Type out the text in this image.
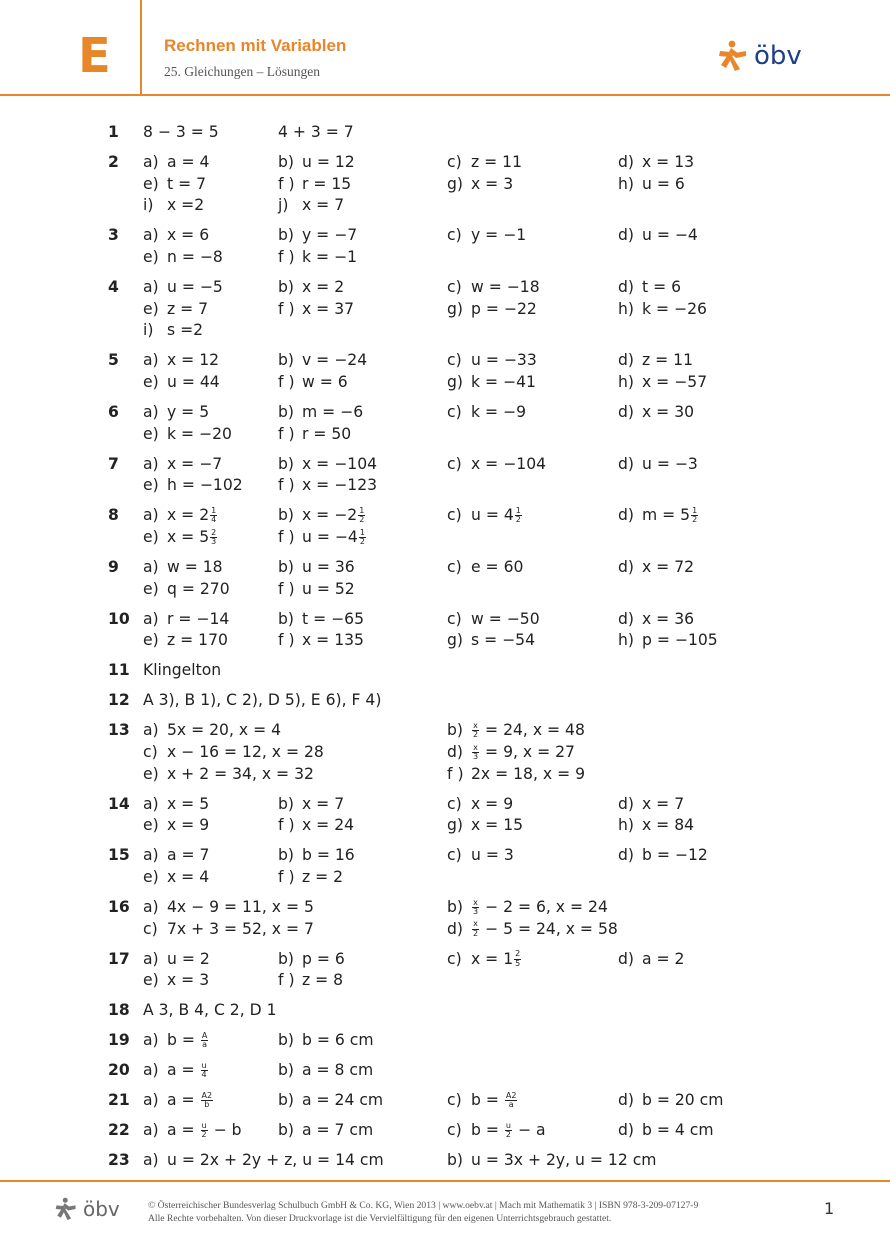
E	Rechnen mit Variablen
25. Gleichungen – Lösungen
öbv
1	8 − 3 = 5	4 + 3 = 7
2	a) a = 4	b) u = 12	c) z = 11	d) x = 13
e) t = 7	f ) r = 15	g) x = 3	h) u = 6
i) x =2	j) x = 7
3	a) x = 6	b) y = −7	c) y = −1	d) u = −4
e) n = −8	f ) k = −1
4	a) u = −5	b) x = 2	c) w = −18	d) t = 6
e) z = 7	f ) x = 37	g) p = −22	h) k = −26
i) s =2
5	a) x = 12	b) v = −24	c) u = −33	d) z = 11
e) u = 44	f ) w = 6	g) k = −41	h) x = −57
6	a) y = 5	b) m = −6	c) k = −9	d) x = 30
e) k = −20	f ) r = 50
7	a) x = −7	b) x = −104	c) x = −104	d) u = −3
e) h = −102 f ) x = −123
8	a) $x = 2 \frac{1}{4}$	b) $x = -2 \frac{1}{2}$	c) $u = 4 \frac{1}{2}$	d) $m = 5 \frac{1}{2}$
e) $x = 5 \frac{2}{3}$	f ) $u = -4 \frac{1}{2}$
9	a) w = 18	b) u = 36	c) e = 60	d) x = 72
e) q = 270	f ) u = 52
10 a) r = −14	b) t = −65	c) w = −50	d) x = 36
e) z = 170	f ) x = 135	g) s = −54	h) p = −105
11 Klingelton
12 A 3), B 1), C 2), D 5), E 6), F 4)
13 a) 5x = 20, x = 4	$b) \frac{x}{2} = 24$, x = 48
c) x − 16 = 12, x = 28	$d) \frac{x}{3} = 9$, x = 27
e) x + 2 = 34, x = 32	f ) 2x = 18, x = 9
14 a) x = 5	b) x = 7	c) x = 9	d) x = 7
e) x = 9	f ) x = 24	g) x = 15	h) x = 84
15 a) a = 7	b) b = 16	c) u = 3	d) b = −12
e) x = 4	f ) z = 2
16 a) 4x − 9 = 11, x = 5	$b) \frac{x}{3} - 2 = 6$, x = 24
c) 7x + 3 = 52, x = 7	$d) \frac{x}{2} - 5 = 24$, x = 58
17 a) u = 2	b) p = 6	c) $x = 1 \frac{2}{5}$	d) a = 2
e) x = 3	f ) z = 8
18 A 3, B 4, C 2, D 1
19 a) $b = \frac{A}{a}$	b) b = 6 cm
20 a) $a = \frac{u}{4}$	b) a = 8 cm
21 a) $a = \frac{A2}{b}$	b) a = 24 cm	c) $b = \frac{A2}{a}$	d) b = 20 cm
22 a) $a = \frac{u}{2} - b$ b) a = 7 cm	c) $b = \frac{u}{2} - a$	d) b = 4 cm
23 a) u = 2x + 2y + z, u = 14 cm	b) u = 3x + 2y, u = 12 cm
öbv	© Österreichischer Bundesverlag Schulbuch GmbH & Co. KG, Wien 2013 | www.oebv.at | Mach mit Mathematik 3 | ISBN 978-3-209-07127-9
Alle Rechte vorbehalten. Von dieser Druckvorlage ist die Vervielfältigung für den eigenen Unterrichtsgebrauch gestattet.
1
